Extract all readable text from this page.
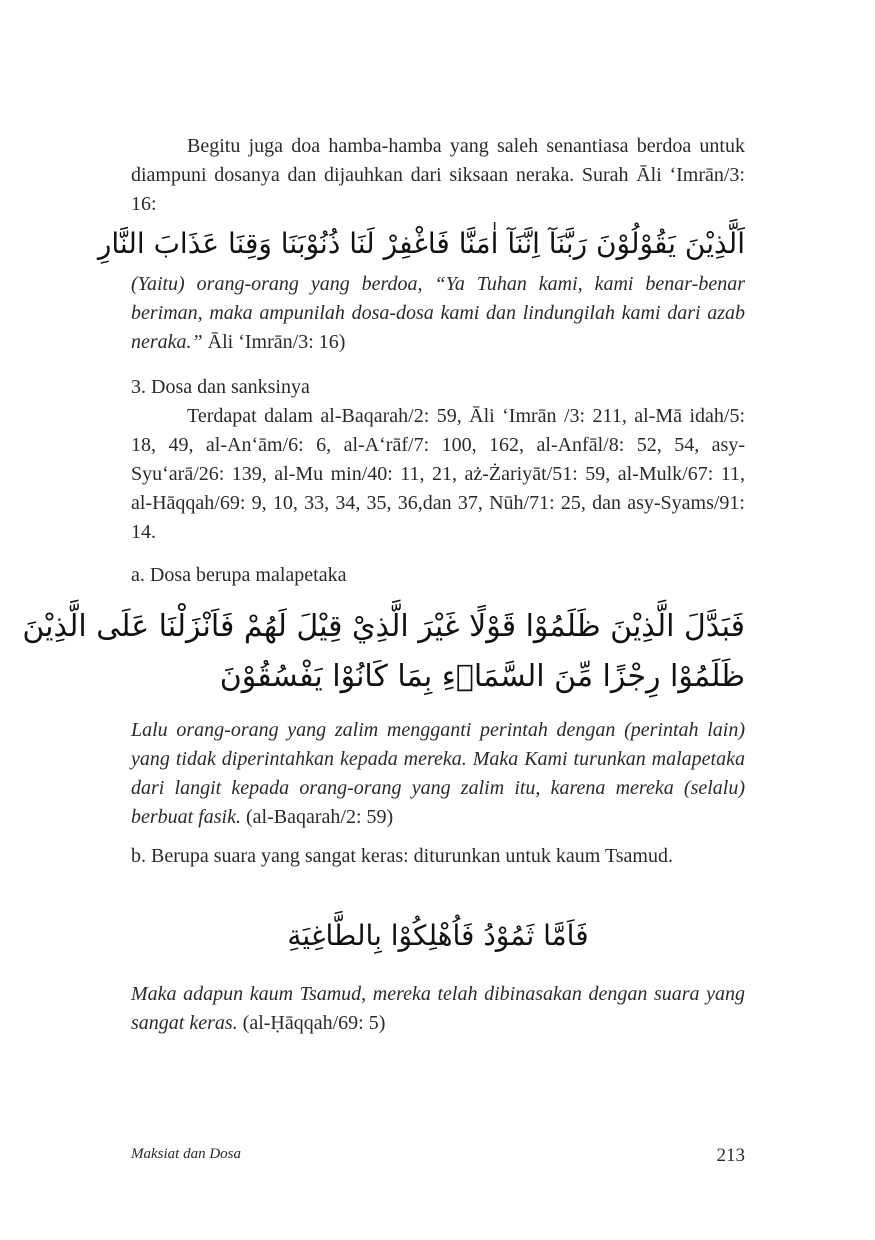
Begitu juga doa hamba-hamba yang saleh senantiasa berdoa untuk diampuni dosanya dan dijauhkan dari siksaan neraka. Surah Āli ‘Imrān/3: 16:

اَلَّذِيْنَ يَقُوْلُوْنَ رَبَّنَآ اِنَّنَآ اٰمَنَّا فَاغْفِرْ لَنَا ذُنُوْبَنَا وَقِنَا عَذَابَ النَّارِ

(Yaitu) orang-orang yang berdoa, “Ya Tuhan kami, kami benar-benar beriman, maka ampunilah dosa-dosa kami dan lindungilah kami dari azab neraka.” Āli ‘Imrān/3: 16)

3. Dosa dan sanksinya

Terdapat dalam al-Baqarah/2: 59, Āli ‘Imrān /3: 211, al-Mā idah/5: 18, 49, al-An‘ām/6: 6, al-A‘rāf/7: 100, 162, al-Anfāl/8: 52, 54, asy-Syu‘arā/26: 139, al-Mu min/40: 11, 21, aż-Żariyāt/51: 59, al-Mulk/67: 11, al-Hāqqah/69: 9, 10, 33, 34, 35, 36,dan 37, Nūh/71: 25, dan asy-Syams/91: 14.

a. Dosa berupa malapetaka

فَبَدَّلَ الَّذِيْنَ ظَلَمُوْا قَوْلًا غَيْرَ الَّذِيْ قِيْلَ لَهُمْ فَاَنْزَلْنَا عَلَى الَّذِيْنَ
ظَلَمُوْا رِجْزًا مِّنَ السَّمَاۤءِ بِمَا كَانُوْا يَفْسُقُوْنَ

Lalu orang-orang yang zalim mengganti perintah dengan (perintah lain) yang tidak diperintahkan kepada mereka. Maka Kami turunkan malapetaka dari langit kepada orang-orang yang zalim itu, karena mereka (selalu) berbuat fasik. (al-Baqarah/2: 59)

b. Berupa suara yang sangat keras: diturunkan untuk kaum Tsamud.

فَاَمَّا ثَمُوْدُ فَاُهْلِكُوْا بِالطَّاغِيَةِ

Maka adapun kaum Tsamud, mereka telah dibinasakan dengan suara yang sangat keras. (al-Ḥāqqah/69: 5)

Maksiat dan Dosa	213
